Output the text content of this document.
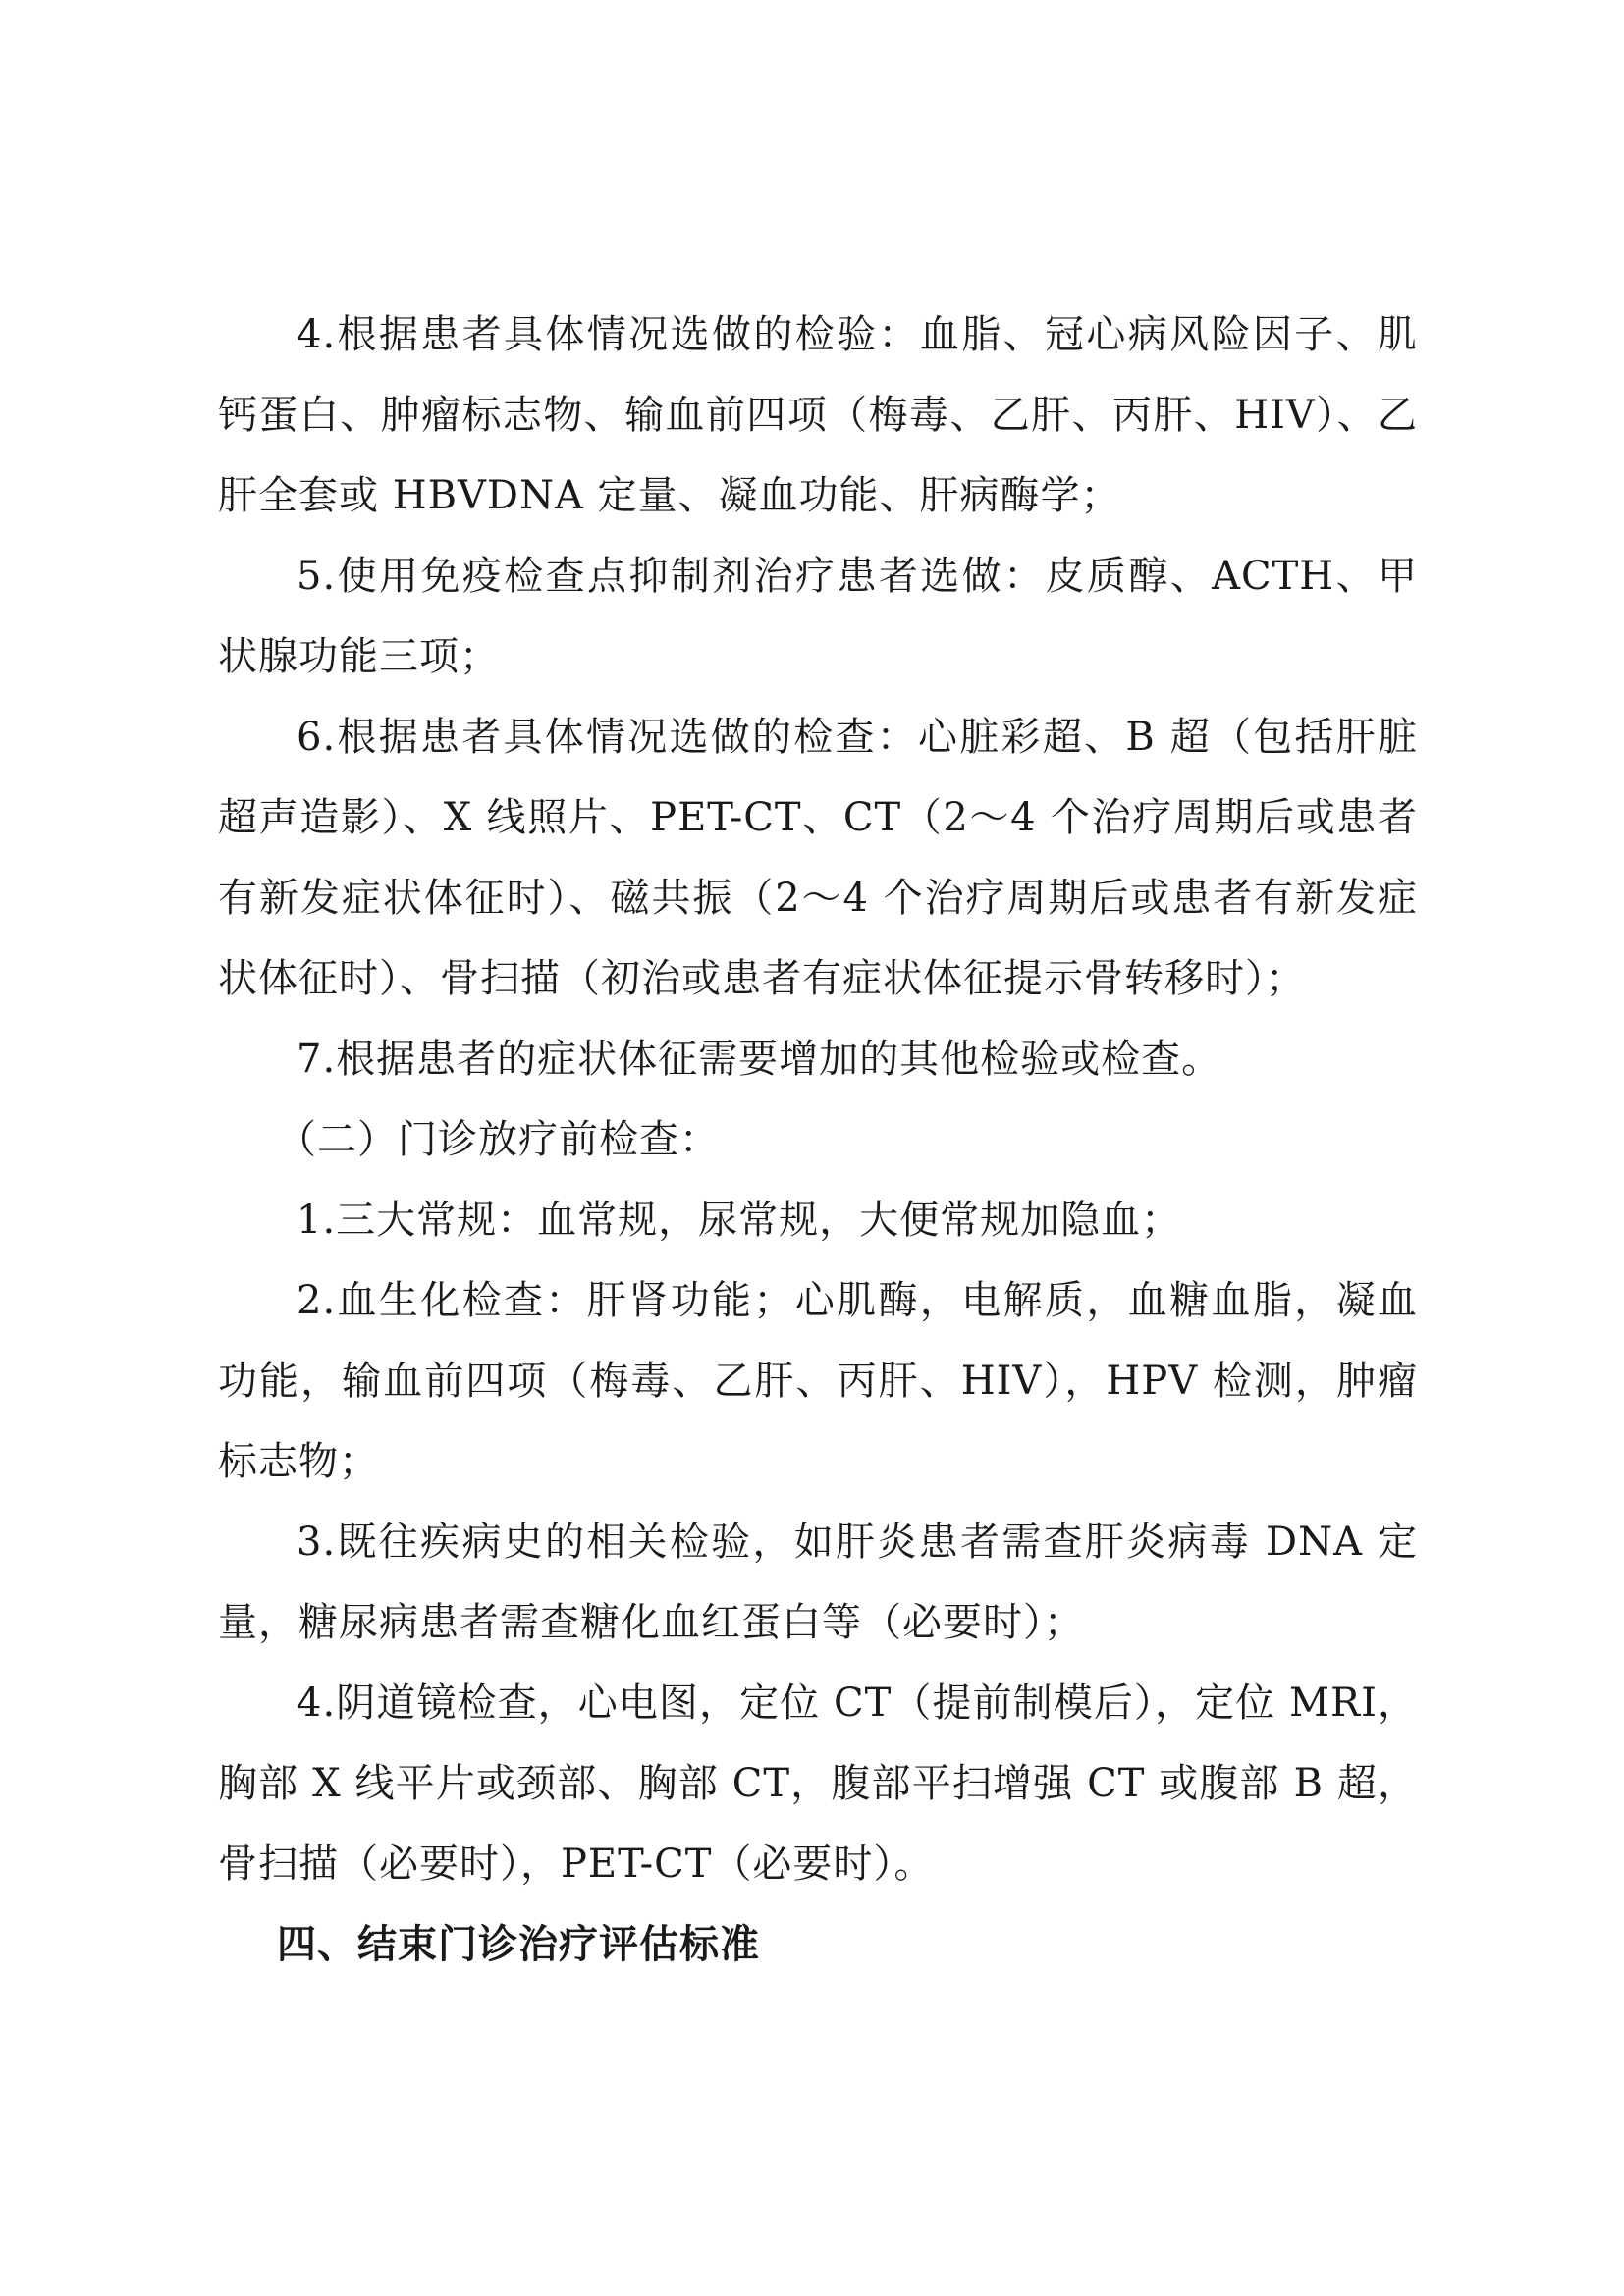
4.根据患者具体情况选做的检验：血脂、冠心病风险因子、肌钙蛋白、肿瘤标志物、输血前四项（梅毒、乙肝、丙肝、HIV）、乙肝全套或 HBVDNA 定量、凝血功能、肝病酶学；

5.使用免疫检查点抑制剂治疗患者选做：皮质醇、ACTH、甲状腺功能三项；

6.根据患者具体情况选做的检查：心脏彩超、B 超（包括肝脏超声造影）、X 线照片、PET-CT、CT（2～4 个治疗周期后或患者有新发症状体征时）、磁共振（2～4 个治疗周期后或患者有新发症状体征时）、骨扫描（初治或患者有症状体征提示骨转移时）；

7.根据患者的症状体征需要增加的其他检验或检查。

（二）门诊放疗前检查：

1.三大常规：血常规，尿常规，大便常规加隐血；

2.血生化检查：肝肾功能；心肌酶，电解质，血糖血脂，凝血功能，输血前四项（梅毒、乙肝、丙肝、HIV），HPV 检测，肿瘤标志物；

3.既往疾病史的相关检验，如肝炎患者需查肝炎病毒 DNA 定量，糖尿病患者需查糖化血红蛋白等（必要时）；

4.阴道镜检查，心电图，定位 CT（提前制模后），定位 MRI， 胸部 X 线平片或颈部、胸部 CT，腹部平扫增强 CT 或腹部 B 超， 骨扫描（必要时），PET-CT（必要时）。

四、结束门诊治疗评估标准
